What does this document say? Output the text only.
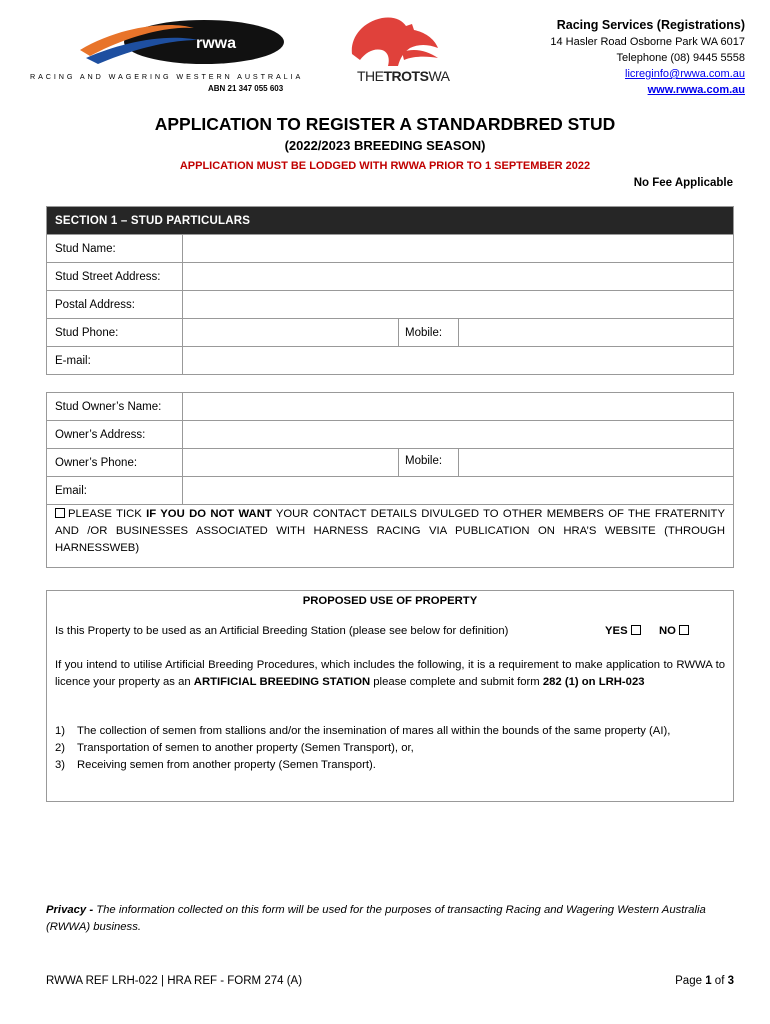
rwwa
RACING AND WAGERING WESTERN AUSTRALIA
ABN 21 347 055 603
THETROTSWA
Racing Services (Registrations)
14 Hasler Road Osborne Park WA 6017
Telephone (08) 9445 5558
licreginfo@rwwa.com.au
www.rwwa.com.au
APPLICATION TO REGISTER A STANDARDBRED STUD
(2022/2023 BREEDING SEASON)
APPLICATION MUST BE LODGED WITH RWWA PRIOR TO 1 SEPTEMBER 2022
No Fee Applicable
SECTION 1 – STUD PARTICULARS			
Stud Name:			
Stud Street Address:			
Postal Address:			
Stud Phone:		Mobile:	
E-mail:			
Stud Owner’s Name:			
Owner’s Address:			
Owner’s Phone:		Mobile:	
Email:			
PLEASE TICK IF YOU DO NOT WANT YOUR CONTACT DETAILS DIVULGED TO OTHER MEMBERS OF THE FRATERNITY AND /OR BUSINESSES ASSOCIATED WITH HARNESS RACING VIA PUBLICATION ON HRA’S WEBSITE (THROUGH HARNESSWEB)
PROPOSED USE OF PROPERTY
Is this Property to be used as an Artificial Breeding Station (please see below for definition)	YES	NO
If you intend to utilise Artificial Breeding Procedures, which includes the following, it is a requirement to make application to RWWA to licence your property as an ARTIFICIAL BREEDING STATION please complete and submit form 282 (1) on LRH-023
1) The collection of semen from stallions and/or the insemination of mares all within the bounds of the same property (AI),
2) Transportation of semen to another property (Semen Transport), or,
3) Receiving semen from another property (Semen Transport).
Privacy - The information collected on this form will be used for the purposes of transacting Racing and Wagering Western Australia (RWWA) business.
RWWA REF LRH-022 | HRA REF - FORM 274 (A)	Page 1 of 3
